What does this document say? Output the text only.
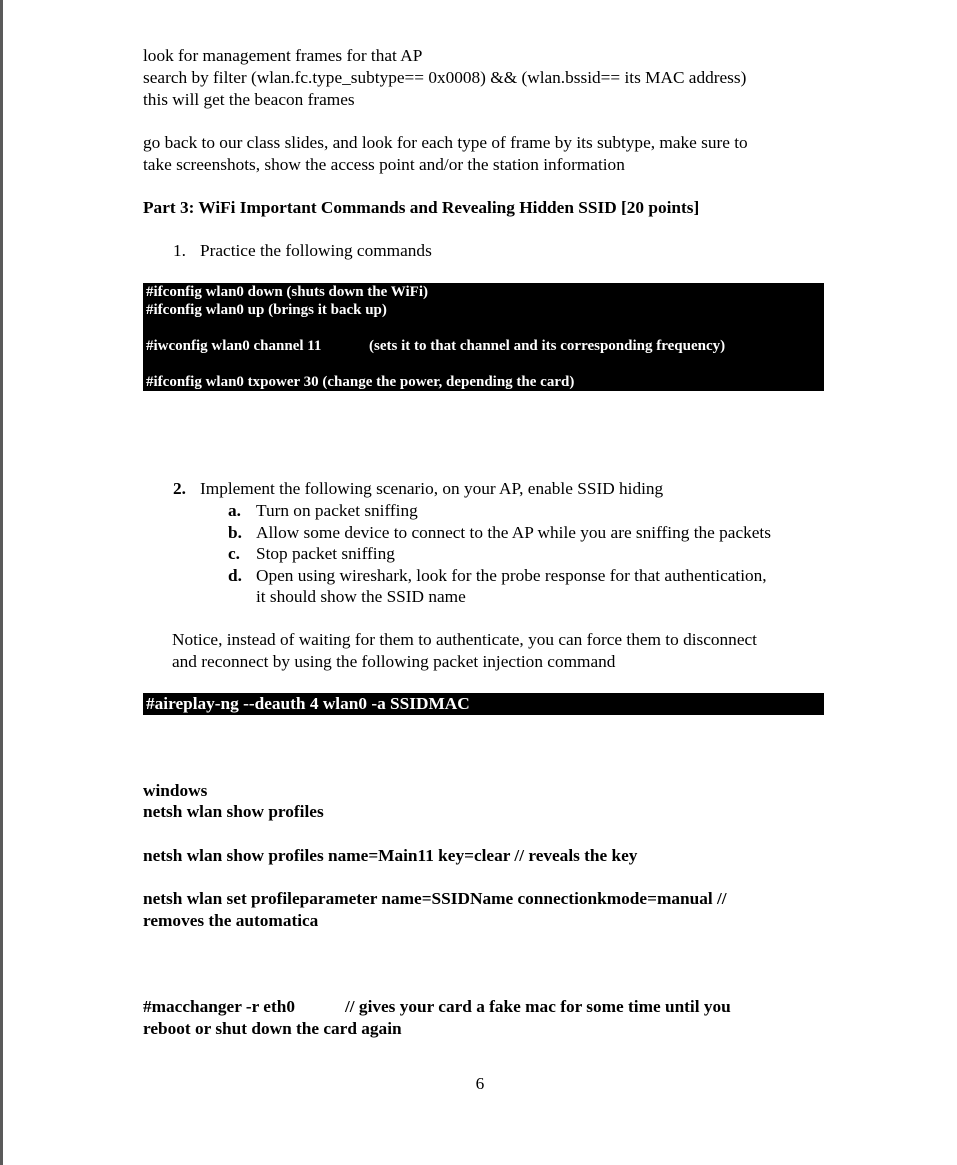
look for management frames for that AP
search by filter (wlan.fc.type_subtype== 0x0008) && (wlan.bssid== its MAC address)
this will get the beacon frames
go back to our class slides, and look for each type of frame by its subtype, make sure to
take screenshots, show the access point and/or the station information
Part 3: WiFi Important Commands and Revealing Hidden SSID [20 points]
1. Practice the following commands
#ifconfig wlan0 down (shuts down the WiFi)
#ifconfig wlan0 up (brings it back up)
#iwconfig wlan0 channel 11	(sets it to that channel and its corresponding frequency)
#ifconfig wlan0 txpower 30 (change the power, depending the card)
2. Implement the following scenario, on your AP, enable SSID hiding
a. Turn on packet sniffing
b. Allow some device to connect to the AP while you are sniffing the packets
c. Stop packet sniffing
d. Open using wireshark, look for the probe response for that authentication,
it should show the SSID name
Notice, instead of waiting for them to authenticate, you can force them to disconnect
and reconnect by using the following packet injection command
#aireplay-ng --deauth 4 wlan0 -a SSIDMAC
windows
netsh wlan show profiles
netsh wlan show profiles name=Main11 key=clear // reveals the key
netsh wlan set profileparameter name=SSIDName connectionkmode=manual //
removes the automatica
#macchanger -r eth0	// gives your card a fake mac for some time until you
reboot or shut down the card again
6
